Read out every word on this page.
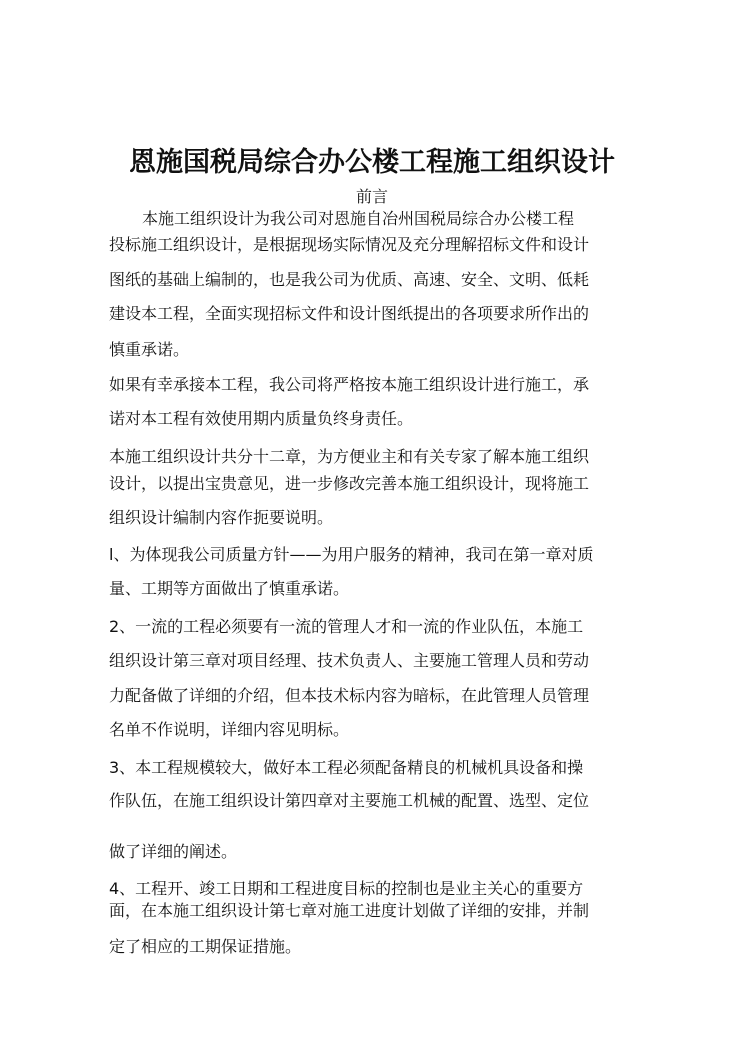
恩施国税局综合办公楼工程施工组织设计
前言
本施工组织设计为我公司对恩施自冶州国税局综合办公楼工程
投标施工组织设计，是根据现场实际情况及充分理解招标文件和设计
图纸的基础上编制的，也是我公司为优质、高速、安全、文明、低耗
建设本工程，全面实现招标文件和设计图纸提出的各项要求所作出的
慎重承诺。
如果有幸承接本工程，我公司将严格按本施工组织设计进行施工，承
诺对本工程有效使用期内质量负终身责任。
本施工组织设计共分十二章，为方便业主和有关专家了解本施工组织
设计，以提出宝贵意见，进一步修改完善本施工组织设计，现将施工
组织设计编制内容作扼要说明。
l、为体现我公司质量方针——为用户服务的精神，我司在第一章对质
量、工期等方面做出了慎重承诺。
2、一流的工程必须要有一流的管理人才和一流的作业队伍，本施工
组织设计第三章对项目经理、技术负责人、主要施工管理人员和劳动
力配备做了详细的介绍，但本技术标内容为暗标，在此管理人员管理
名单不作说明，详细内容见明标。
3、本工程规模较大，做好本工程必须配备精良的机械机具设备和操
作队伍，在施工组织设计第四章对主要施工机械的配置、选型、定位
做了详细的阐述。
4、工程开、竣工日期和工程进度目标的控制也是业主关心的重要方
面，在本施工组织设计第七章对施工进度计划做了详细的安排，并制
定了相应的工期保证措施。
